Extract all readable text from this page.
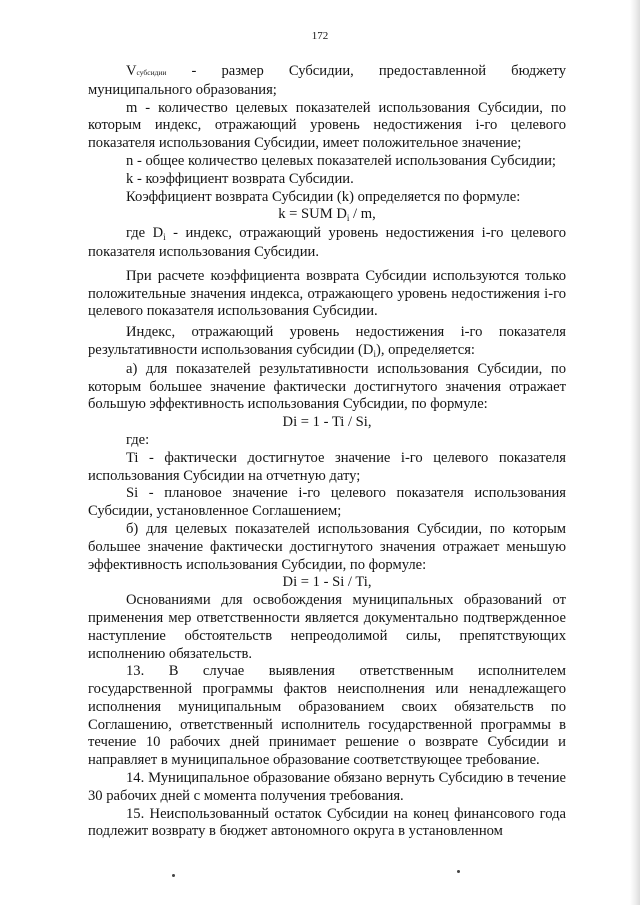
172

Vсубсидии - размер Субсидии, предоставленной бюджету муниципального образования;

m - количество целевых показателей использования Субсидии, по которым индекс, отражающий уровень недостижения i-го целевого показателя использования Субсидии, имеет положительное значение;

n - общее количество целевых показателей использования Субсидии;

k - коэффициент возврата Субсидии.

Коэффициент возврата Субсидии (k) определяется по формуле:

k = SUM $D_i$ / m,

где $D_i$ - индекс, отражающий уровень недостижения i-го целевого показателя использования Субсидии.

При расчете коэффициента возврата Субсидии используются только положительные значения индекса, отражающего уровень недостижения i-го целевого показателя использования Субсидии.

Индекс, отражающий уровень недостижения i-го показателя результативности использования субсидии $(D_i)$, определяется:

а) для показателей результативности использования Субсидии, по которым большее значение фактически достигнутого значения отражает большую эффективность использования Субсидии, по формуле:

Di = 1 - Ti / Si,

где:

Ti - фактически достигнутое значение i-го целевого показателя использования Субсидии на отчетную дату;

Si - плановое значение i-го целевого показателя использования Субсидии, установленное Соглашением;

б) для целевых показателей использования Субсидии, по которым большее значение фактически достигнутого значения отражает меньшую эффективность использования Субсидии, по формуле:

Di = 1 - Si / Ti,

Основаниями для освобождения муниципальных образований от применения мер ответственности является документально подтвержденное наступление обстоятельств непреодолимой силы, препятствующих исполнению обязательств.

13. В случае выявления ответственным исполнителем государственной программы фактов неисполнения или ненадлежащего исполнения муниципальным образованием своих обязательств по Соглашению, ответственный исполнитель государственной программы в течение 10 рабочих дней принимает решение о возврате Субсидии и направляет в муниципальное образование соответствующее требование.

14. Муниципальное образование обязано вернуть Субсидию в течение 30 рабочих дней с момента получения требования.

15. Неиспользованный остаток Субсидии на конец финансового года подлежит возврату в бюджет автономного округа в установленном
